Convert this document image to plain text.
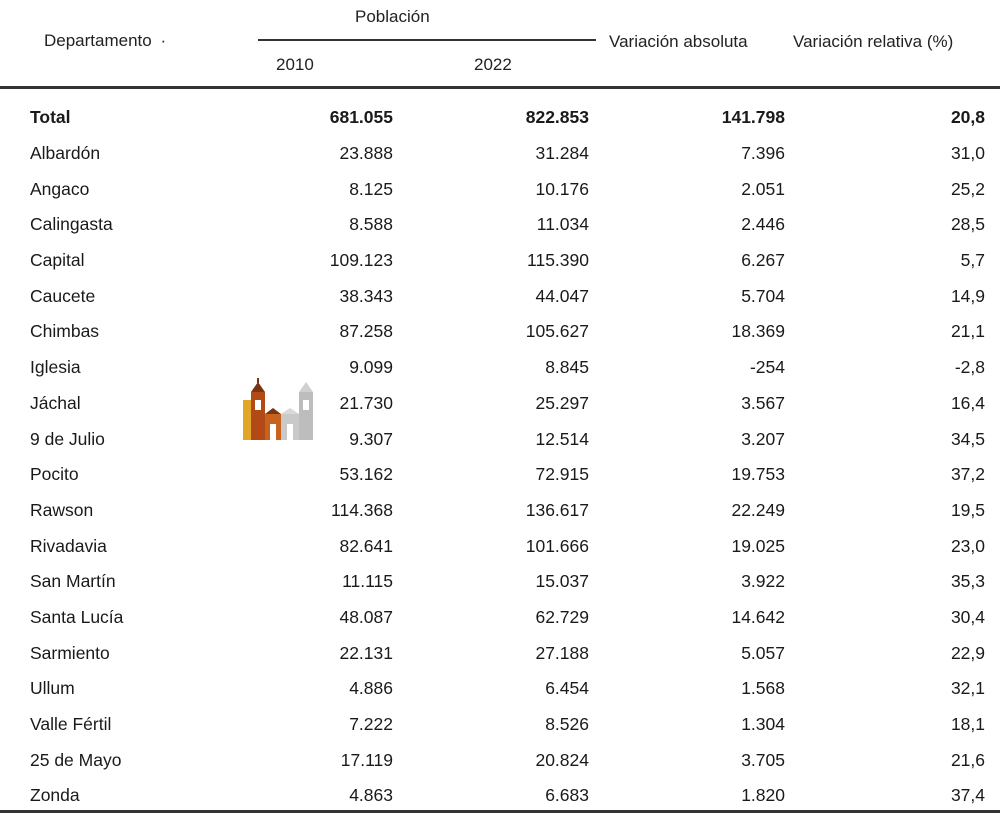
Departamento ·
Población
2010	2022
Variación absoluta	Variación relativa (%)
Total	681.055	822.853	141.798	20,8	
Albardón	23.888	31.284	7.396	31,0	
Angaco	8.125	10.176	2.051	25,2	
Calingasta	8.588	11.034	2.446	28,5	
Capital	109.123	115.390	6.267	5,7	
Caucete	38.343	44.047	5.704	14,9	
Chimbas	87.258	105.627	18.369	21,1	
Iglesia	9.099	8.845	-254	-2,8	
Jáchal	21.730	25.297	3.567	16,4	
9 de Julio	9.307	12.514	3.207	34,5	
Pocito	53.162	72.915	19.753	37,2	
Rawson	114.368	136.617	22.249	19,5	
Rivadavia	82.641	101.666	19.025	23,0	
San Martín	11.115	15.037	3.922	35,3	
Santa Lucía	48.087	62.729	14.642	30,4	
Sarmiento	22.131	27.188	5.057	22,9	
Ullum	4.886	6.454	1.568	32,1	
Valle Fértil	7.222	8.526	1.304	18,1	
25 de Mayo	17.119	20.824	3.705	21,6	
Zonda	4.863	6.683	1.820	37,4	
